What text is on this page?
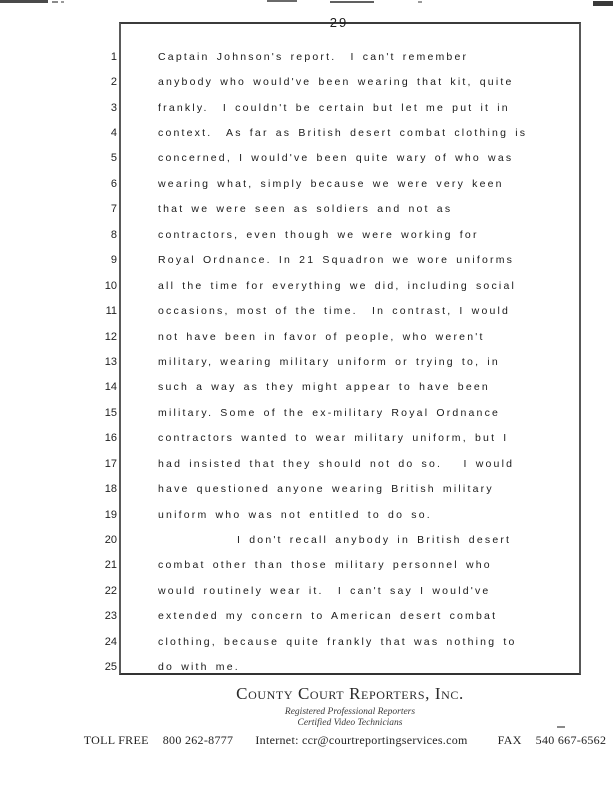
29
1	Captain Johnson's report.  I can't remember
2	anybody who would've been wearing that kit, quite
3	frankly.  I couldn't be certain but let me put it in
4	context.  As far as British desert combat clothing is
5	concerned, I would've been quite wary of who was
6	wearing what, simply because we were very keen
7	that we were seen as soldiers and not as
8	contractors, even though we were working for
9	Royal Ordnance. In 21 Squadron we wore uniforms
10	all the time for everything we did, including social
11	occasions, most of the time.  In contrast, I would
12	not have been in favor of people, who weren't
13	military, wearing military uniform or trying to, in
14	such a way as they might appear to have been
15	military. Some of the ex-military Royal Ordnance
16	contractors wanted to wear military uniform, but I
17	had insisted that they should not do so.   I would
18	have questioned anyone wearing British military
19	uniform who was not entitled to do so.
20	I don't recall anybody in British desert
21	combat other than those military personnel who
22	would routinely wear it.  I can't say I would've
23	extended my concern to American desert combat
24	clothing, because quite frankly that was nothing to
25	do with me.
County Court Reporters, Inc.
Registered Professional Reporters
Certified Video Technicians
TOLL FREE 800 262-8777 Internet: ccr@courtreportingservices.com	FAX 540 667-6562
